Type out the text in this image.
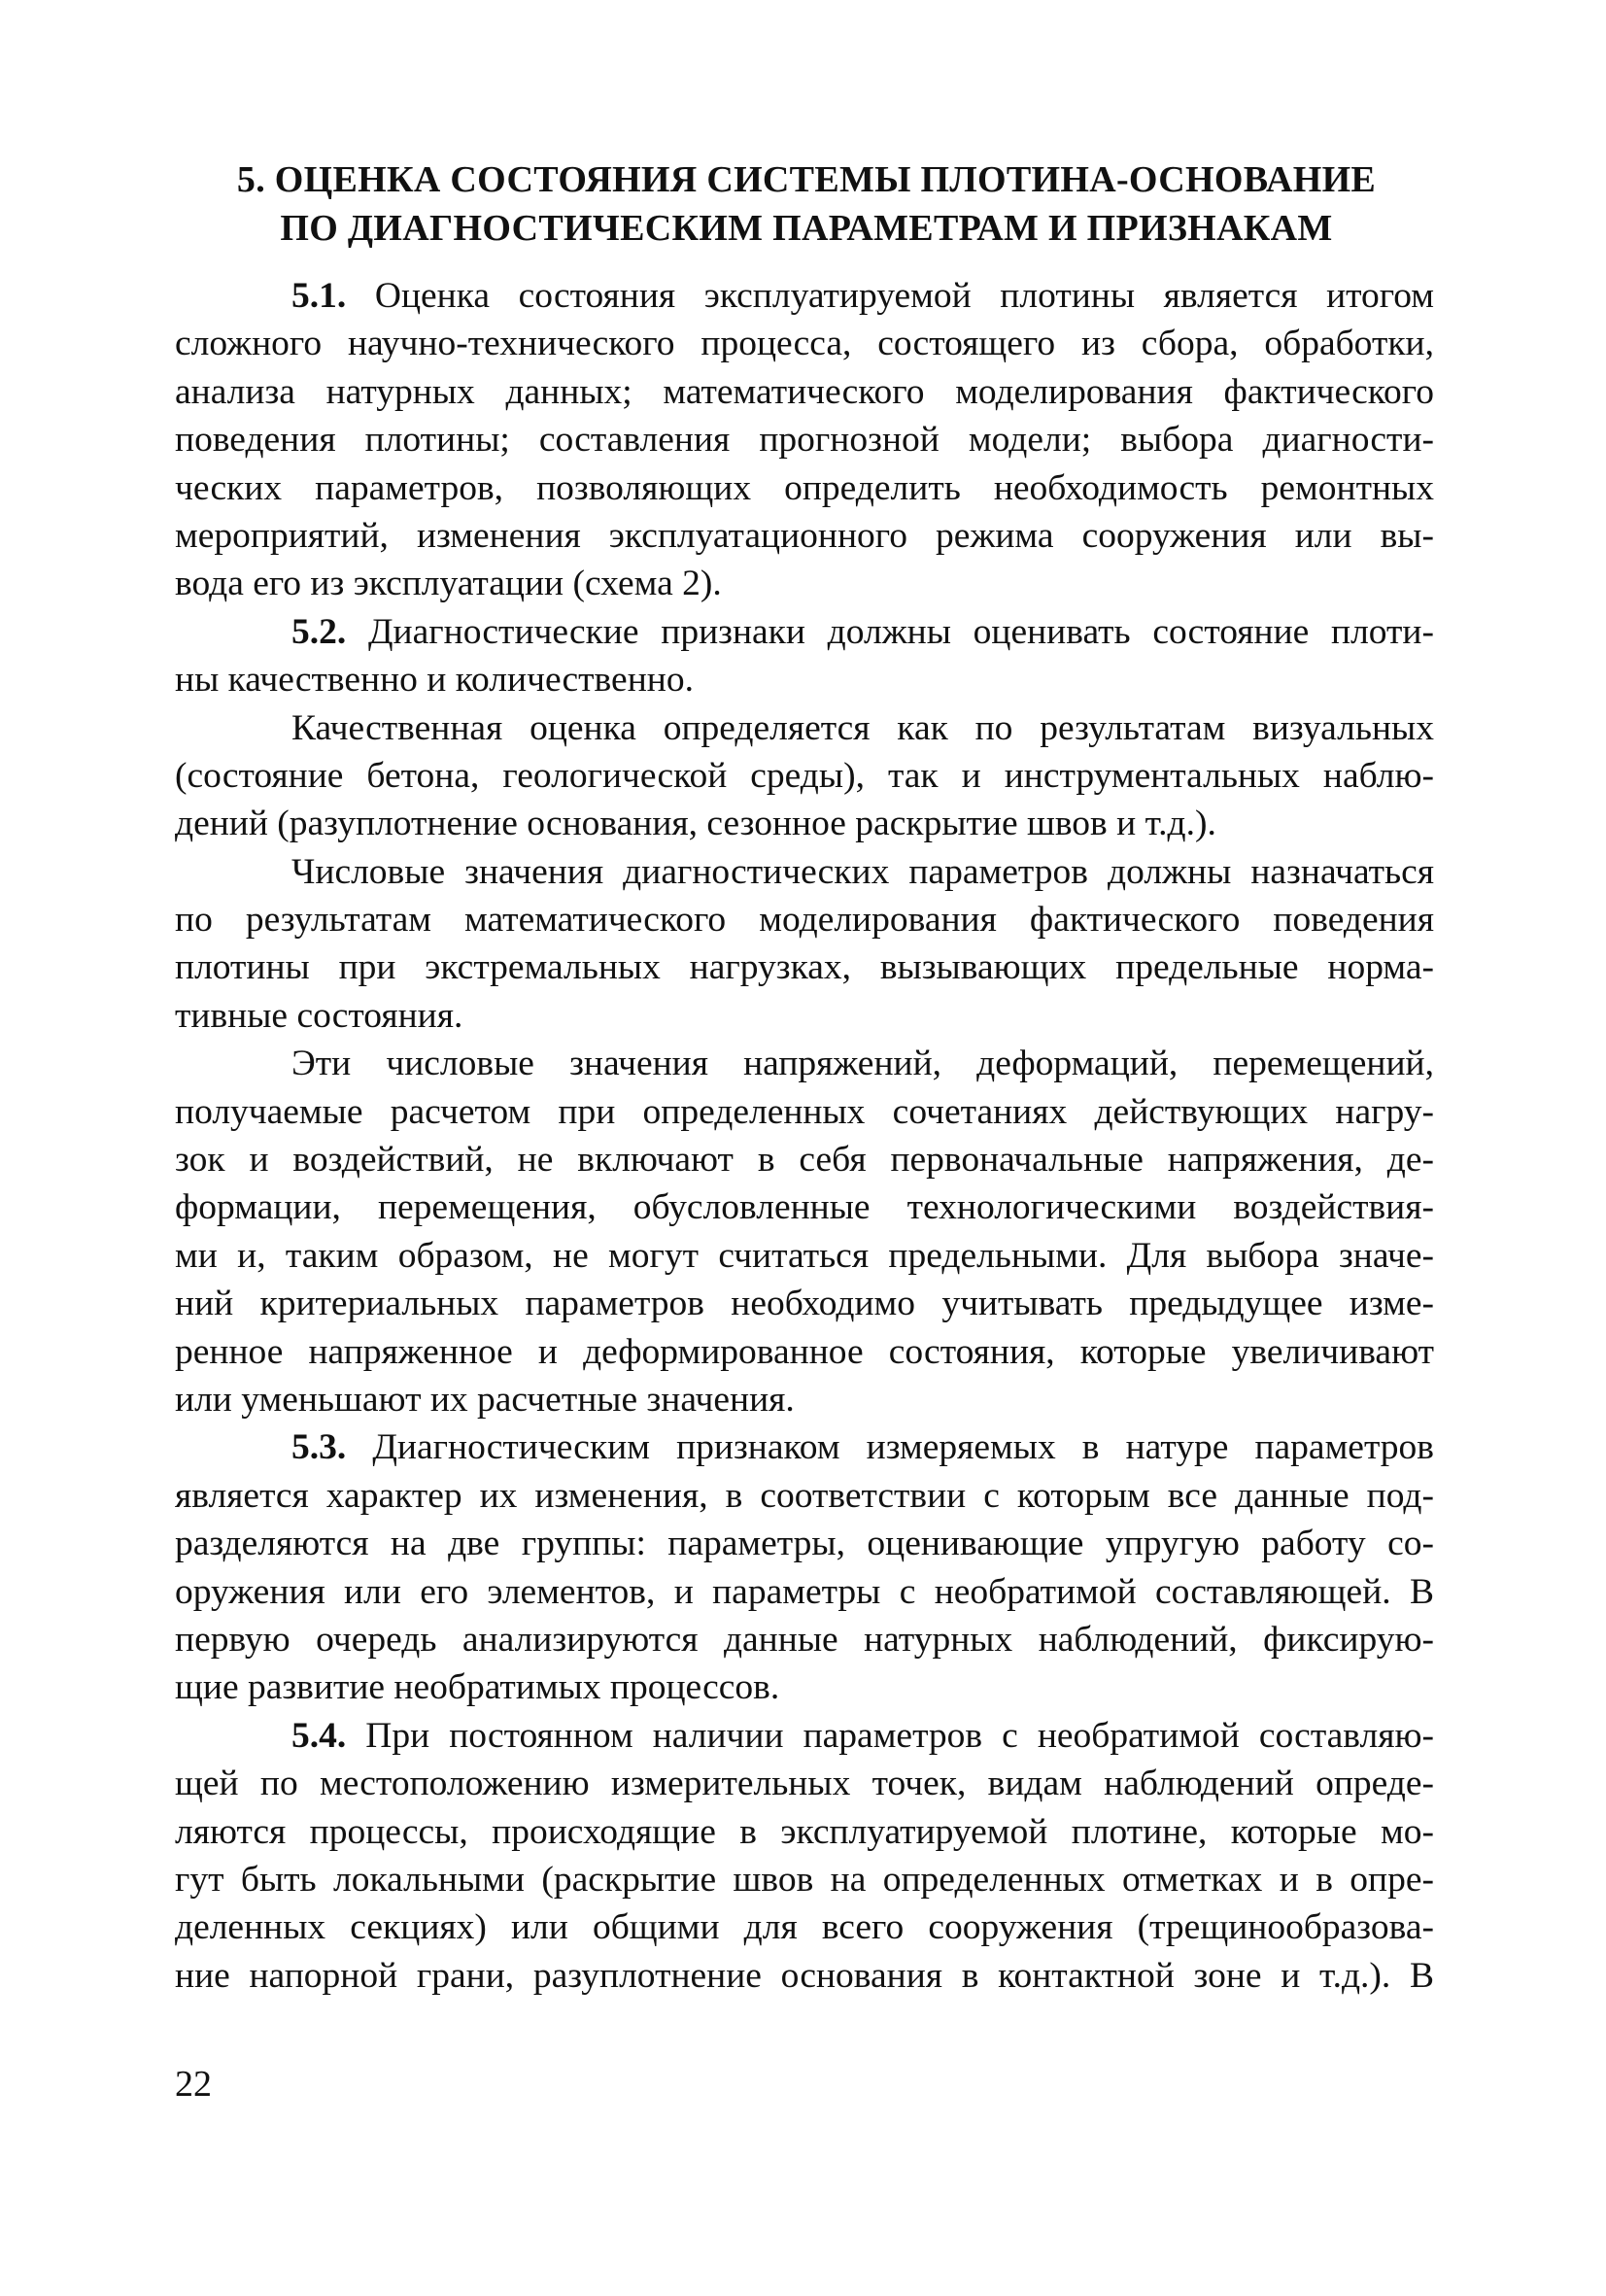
5. ОЦЕНКА СОСТОЯНИЯ СИСТЕМЫ ПЛОТИНА-ОСНОВАНИЕ
ПО ДИАГНОСТИЧЕСКИМ ПАРАМЕТРАМ И ПРИЗНАКАМ
5.1. Оценка состояния эксплуатируемой плотины является итогом
сложного научно-технического процесса, состоящего из сбора, обработки,
анализа натурных данных; математического моделирования фактического
поведения плотины; составления прогнозной модели; выбора диагности-
ческих параметров, позволяющих определить необходимость ремонтных
мероприятий, изменения эксплуатационного режима сооружения или вы-
вода его из эксплуатации (схема 2).
5.2. Диагностические признаки должны оценивать состояние плоти-
ны качественно и количественно.
Качественная оценка определяется как по результатам визуальных
(состояние бетона, геологической среды), так и инструментальных наблю-
дений (разуплотнение основания, сезонное раскрытие швов и т.д.).
Числовые значения диагностических параметров должны назначаться
по результатам математического моделирования фактического поведения
плотины при экстремальных нагрузках, вызывающих предельные норма-
тивные состояния.
Эти числовые значения напряжений, деформаций, перемещений,
получаемые расчетом при определенных сочетаниях действующих нагру-
зок и воздействий, не включают в себя первоначальные напряжения, де-
формации, перемещения, обусловленные технологическими воздействия-
ми и, таким образом, не могут считаться предельными. Для выбора значе-
ний критериальных параметров необходимо учитывать предыдущее изме-
ренное напряженное и деформированное состояния, которые увеличивают
или уменьшают их расчетные значения.
5.3. Диагностическим признаком измеряемых в натуре параметров
является характер их изменения, в соответствии с которым все данные под-
разделяются на две группы: параметры, оценивающие упругую работу со-
оружения или его элементов, и параметры с необратимой составляющей. В
первую очередь анализируются данные натурных наблюдений, фиксирую-
щие развитие необратимых процессов.
5.4. При постоянном наличии параметров с необратимой составляю-
щей по местоположению измерительных точек, видам наблюдений опреде-
ляются процессы, происходящие в эксплуатируемой плотине, которые мо-
гут быть локальными (раскрытие швов на определенных отметках и в опре-
деленных секциях) или общими для всего сооружения (трещинообразова-
ние напорной грани, разуплотнение основания в контактной зоне и т.д.). В
22
